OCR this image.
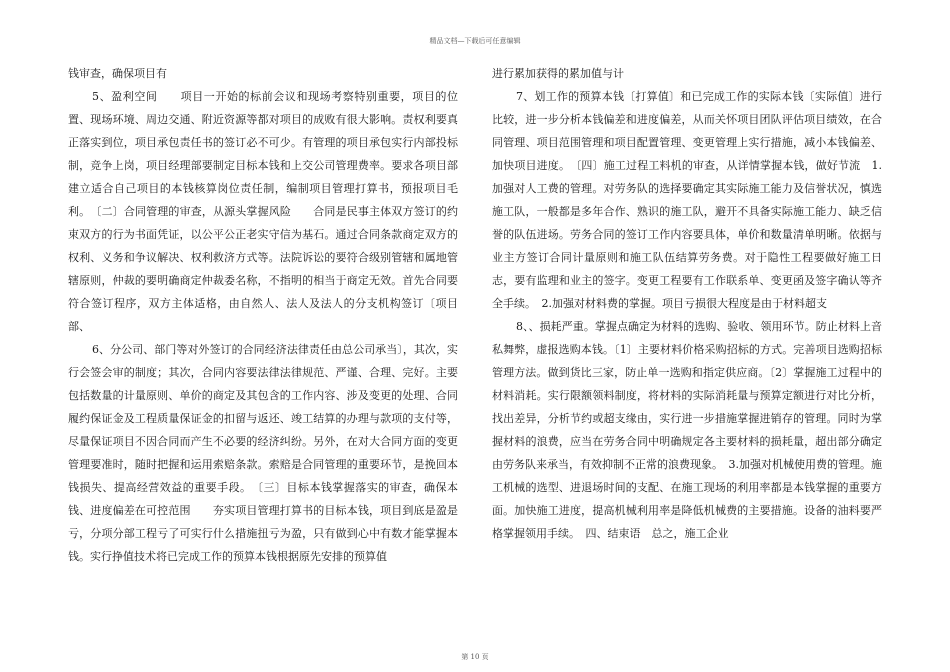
精品文档—下载后可任意编辑

钱审查，确保项目有

5、盈利空间　　项目一开始的标前会议和现场考察特别重要，项目的位置、现场环境、周边交通、附近资源等都对项目的成败有很大影响。责权利要真正落实到位，项目承包责任书的签订必不可少。有管理的项目承包实行内部投标制，竞争上岗，项目经理部要制定目标本钱和上交公司管理费率。要求各项目部建立适合自己项目的本钱核算岗位责任制，编制项目管理打算书，预报项目毛利。　〔二〕合同管理的审查，从源头掌握风险　　合同是民事主体双方签订的约束双方的行为书面凭证，以公平公正老实守信为基石。通过合同条款商定双方的权利、义务和争议解决、权利救济方式等。法院诉讼的要符合级别管辖和属地管辖原则，仲裁的要明确商定仲裁委名称，不指明的相当于商定无效。首先合同要符合签订程序，双方主体适格，由自然人、法人及法人的分支机构签订〔项目部、

6、分公司、部门等对外签订的合同经济法律责任由总公司承当〕，其次，实行会签会审的制度；其次，合同内容要法律法律规范、严谨、合理、完好。主要包括数量的计量原则、单价的商定及其包含的工作内容、涉及变更的处理、合同履约保证金及工程质量保证金的扣留与返还、竣工结算的办理与款项的支付等，尽量保证项目不因合同而产生不必要的经济纠纷。另外，在对大合同方面的变更管理要准时，随时把握和运用索赔条款。索赔是合同管理的重要环节，是挽回本钱损失、提高经营效益的重要手段。　〔三〕目标本钱掌握落实的审查，确保本钱、进度偏差在可控范围　　夯实项目管理打算书的目标本钱，项目到底是盈是亏，分项分部工程亏了可实行什么措施扭亏为盈，只有做到心中有数才能掌握本钱。实行挣值技术将已完成工作的预算本钱根据原先安排的预算值

进行累加获得的累加值与计

7、划工作的预算本钱〔打算值〕和已完成工作的实际本钱〔实际值〕进行比较，进一步分析本钱偏差和进度偏差，从而关怀项目团队评估项目绩效，在合同管理、项目范围管理和项目配置管理、变更管理上实行措施，减小本钱偏差、加快项目进度。　〔四〕施工过程工料机的审查，从详情掌握本钱，做好节流　1.加强对人工费的管理。对劳务队的选择要确定其实际施工能力及信誉状况，慎选施工队，一般都是多年合作、熟识的施工队，避开不具备实际施工能力、缺乏信誉的队伍进场。劳务合同的签订工作内容要具体，单价和数量清单明晰。依据与业主方签订合同计量原则和施工队伍结算劳务费。对于隐性工程要做好施工日志，要有监理和业主的签字。变更工程要有工作联系单、变更函及签字确认等齐全手续。　2.加强对材料费的掌握。项目亏损很大程度是由于材料超支

8、、损耗严重。掌握点确定为材料的选购、验收、领用环节。防止材料上音私舞弊，虚报选购本钱。〔1〕主要材料价格采购招标的方式。完善项目选购招标管理方法。做到货比三家，防止单一选购和指定供应商。〔2〕掌握施工过程中的材料消耗。实行限额领料制度，将材料的实际消耗量与预算定额进行对比分析，找出差异，分析节约或超支缘由，实行进一步措施掌握进销存的管理。同时为掌握材料的浪费，应当在劳务合同中明确规定各主要材料的损耗量，超出部分确定由劳务队来承当，有效抑制不正常的浪费现象。　3.加强对机械使用费的管理。施工机械的选型、进退场时间的支配、在施工现场的利用率都是本钱掌握的重要方面。加快施工进度，提高机械利用率是降低机械费的主要措施。设备的油料要严格掌握领用手续。　四、结束语　总之，施工企业

第 10 页
